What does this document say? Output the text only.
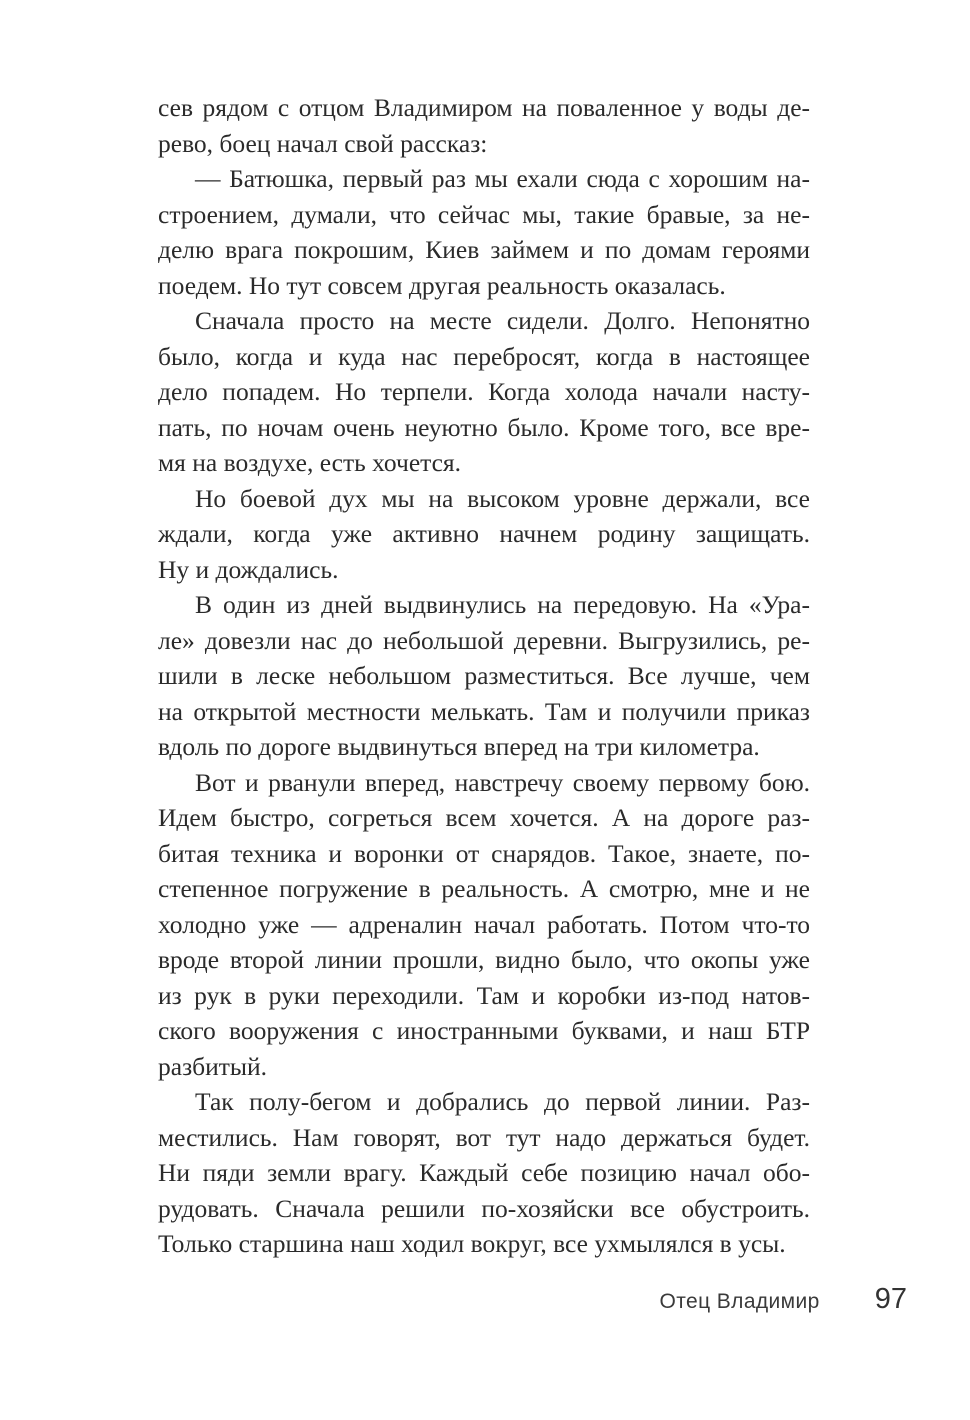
сев рядом с отцом Владимиром на поваленное у воды де-
рево, боец начал свой рассказ:
— Батюшка, первый раз мы ехали сюда с хорошим на-
строением, думали, что сейчас мы, такие бравые, за не-
делю врага покрошим, Киев займем и по домам героями
поедем. Но тут совсем другая реальность оказалась.
Сначала просто на месте сидели. Долго. Непонятно
было, когда и куда нас перебросят, когда в настоящее
дело попадем. Но терпели. Когда холода начали насту-
пать, по ночам очень неуютно было. Кроме того, все вре-
мя на воздухе, есть хочется.
Но боевой дух мы на высоком уровне держали, все
ждали, когда уже активно начнем родину защищать.
Ну и дождались.
В один из дней выдвинулись на передовую. На «Ура-
ле» довезли нас до небольшой деревни. Выгрузились, ре-
шили в леске небольшом разместиться. Все лучше, чем
на открытой местности мелькать. Там и получили приказ
вдоль по дороге выдвинуться вперед на три километра.
Вот и рванули вперед, навстречу своему первому бою.
Идем быстро, согреться всем хочется. А на дороге раз-
битая техника и воронки от снарядов. Такое, знаете, по-
степенное погружение в реальность. А смотрю, мне и не
холодно уже — адреналин начал работать. Потом что-то
вроде второй линии прошли, видно было, что окопы уже
из рук в руки переходили. Там и коробки из-под натов-
ского вооружения с иностранными буквами, и наш БТР
разбитый.
Так полу-бегом и добрались до первой линии. Раз-
местились. Нам говорят, вот тут надо держаться будет.
Ни пяди земли врагу. Каждый себе позицию начал обо-
рудовать. Сначала решили по-хозяйски все обустроить.
Только старшина наш ходил вокруг, все ухмылялся в усы.
Отец Владимир 97
